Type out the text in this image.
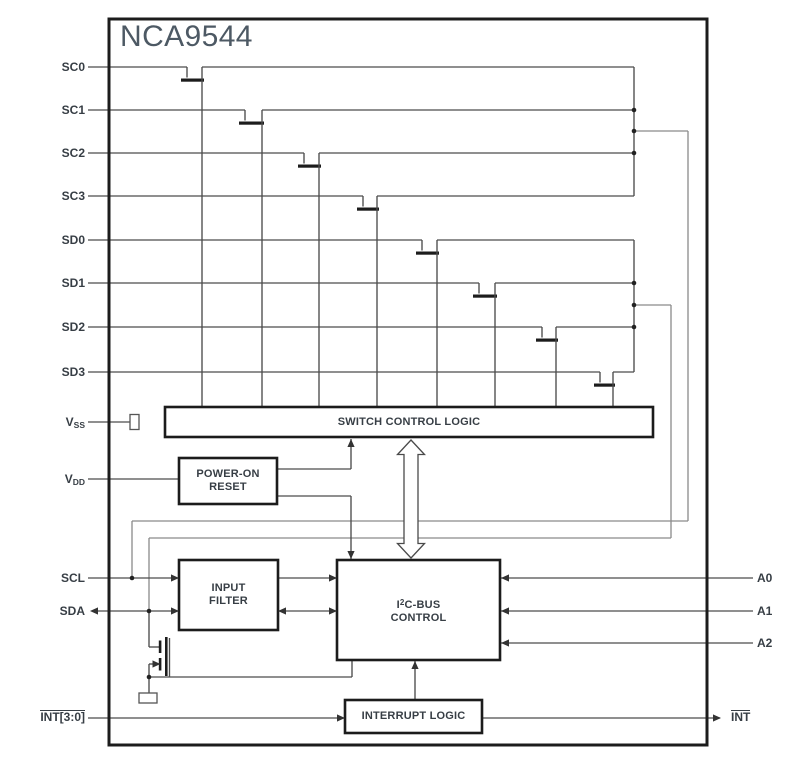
NCA9544
SC0
SC1
SC2
SC3
SD0
SD1
SD2
SD3
$V_{SS}$
$V_{DD}$
SCL
SDA
INT[3:0]
A0
A1
A2
INT
SWITCH CONTROL LOGIC
POWER-ON
RESET
INPUT
FILTER	$I^2C$-BUS
CONTROL
INTERRUPT LOGIC
